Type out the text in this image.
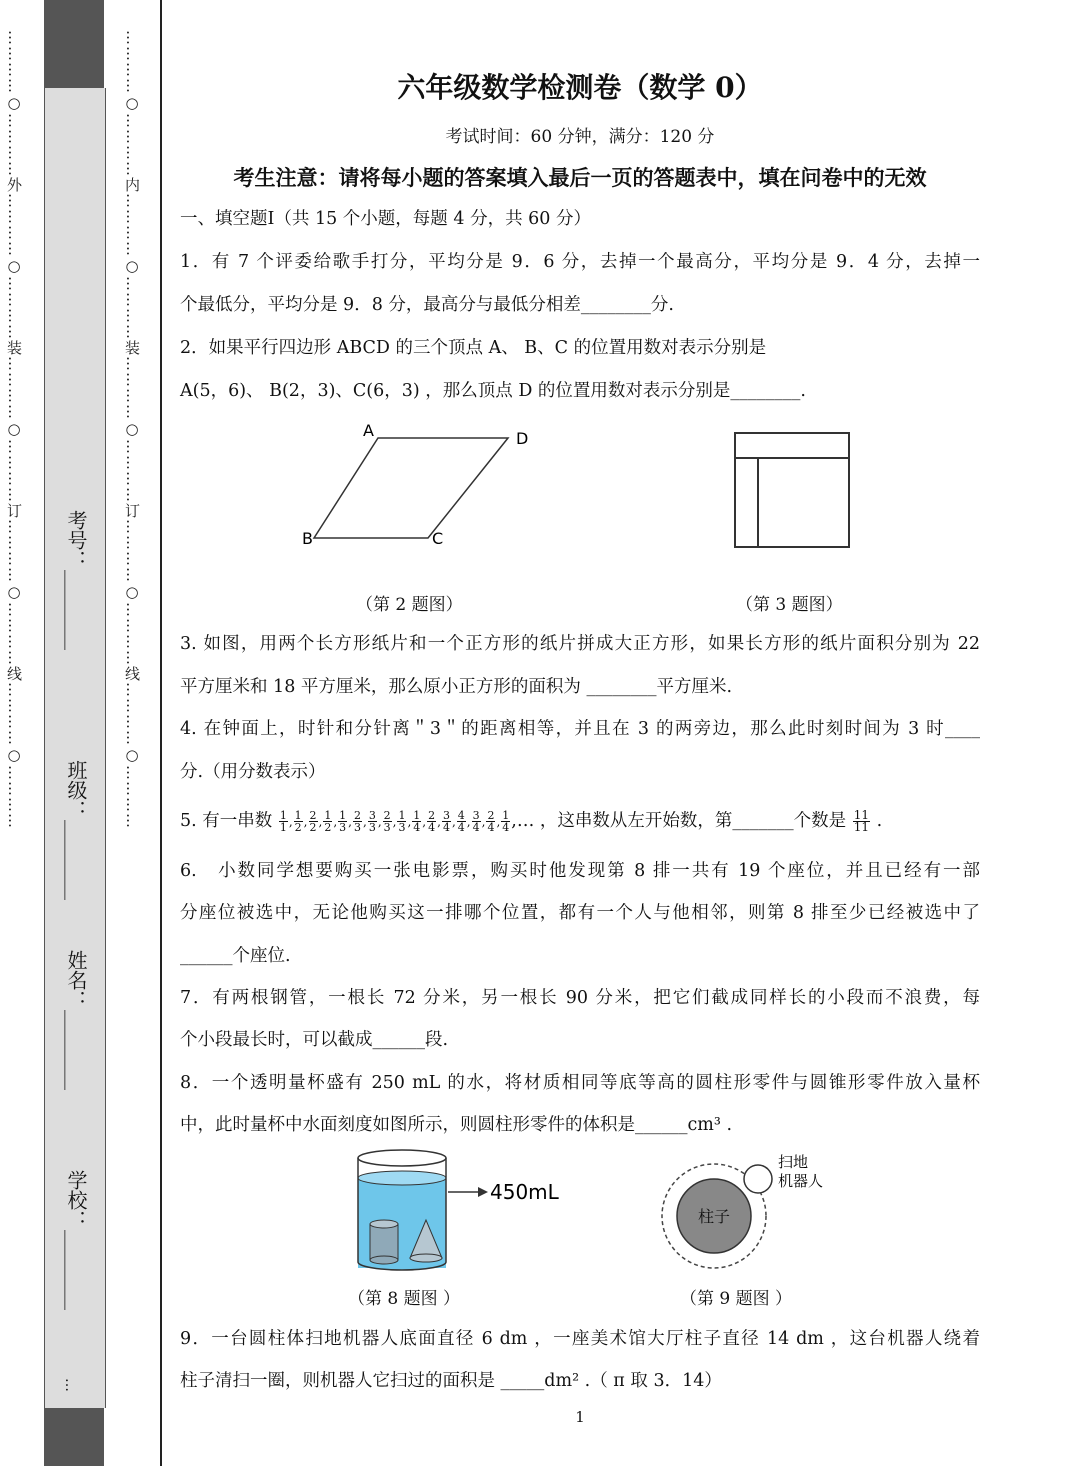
…………○…………外…………○…………装…………○…………订…………○…………线…………○………… 考号：________
班级：________
姓名：________
学校：________
…
…………○…………内…………○…………装…………○…………订…………○…………线…………○…………	六年级数学检测卷（数学 0）
考试时间：60 分钟，满分：120 分
考生注意：请将每小题的答案填入最后一页的答题表中，填在问卷中的无效
一、填空题Ⅰ（共 15 个小题，每题 4 分，共 60 分）
1．有 7 个评委给歌手打分，平均分是 9．6 分，去掉一个最高分，平均分是 9．4 分，去掉一
个最低分，平均分是 9．8 分，最高分与最低分相差________分.
2．如果平行四边形 ABCD 的三个顶点 A、 B、C 的位置用数对表示分别是
A(5，6)、 B(2，3)、C(6，3) ，那么顶点 D 的位置用数对表示分别是________.
A	D
B	C
（第 2 题图）	（第 3 题图）
3. 如图，用两个长方形纸片和一个正方形的纸片拼成大正方形，如果长方形的纸片面积分别为 22
平方厘米和 18 平方厘米，那么原小正方形的面积为 ________平方厘米.
4. 在钟面上，时针和分针离＂3＂的距离相等，并且在 3 的两旁边，那么此时刻时间为 3 时____
分.（用分数表示）
5. 有一串数 $\frac{1}{1}$ , $\frac{1}{2}$ , $\frac{2}{2}$ , $\frac{1}{2}$ , $\frac{1}{3}$ , $\frac{2}{3}$ , $\frac{3}{3}$ , $\frac{2}{3}$ , $\frac{1}{3}$ , $\frac{1}{4}$ , $\frac{2}{4}$ , $\frac{3}{4}$ , $\frac{4}{4}$ , $\frac{3}{4}$ , $\frac{2}{4}$ , $\frac{1}{4}$ ,… ，这串数从左开始数，第_______个数是 $\frac{11}{11}$ .
6.　小数同学想要购买一张电影票，购买时他发现第 8 排一共有 19 个座位，并且已经有一部
分座位被选中，无论他购买这一排哪个位置，都有一个人与他相邻，则第 8 排至少已经被选中了
______个座位.
7．有两根钢管，一根长 72 分米，另一根长 90 分米，把它们截成同样长的小段而不浪费，每
个小段最长时，可以截成______段.
8．一个透明量杯盛有 250 mL 的水，将材质相同等底等高的圆柱形零件与圆锥形零件放入量杯
中，此时量杯中水面刻度如图所示，则圆柱形零件的体积是______cm³ .
450mL
柱子
扫地
机器人
（第 8 题图 ）	（第 9 题图 ）
9．一台圆柱体扫地机器人底面直径 6 dm ，一座美术馆大厅柱子直径 14 dm ，这台机器人绕着
柱子清扫一圈，则机器人它扫过的面积是 _____dm² .（ π 取 3．14）
1
